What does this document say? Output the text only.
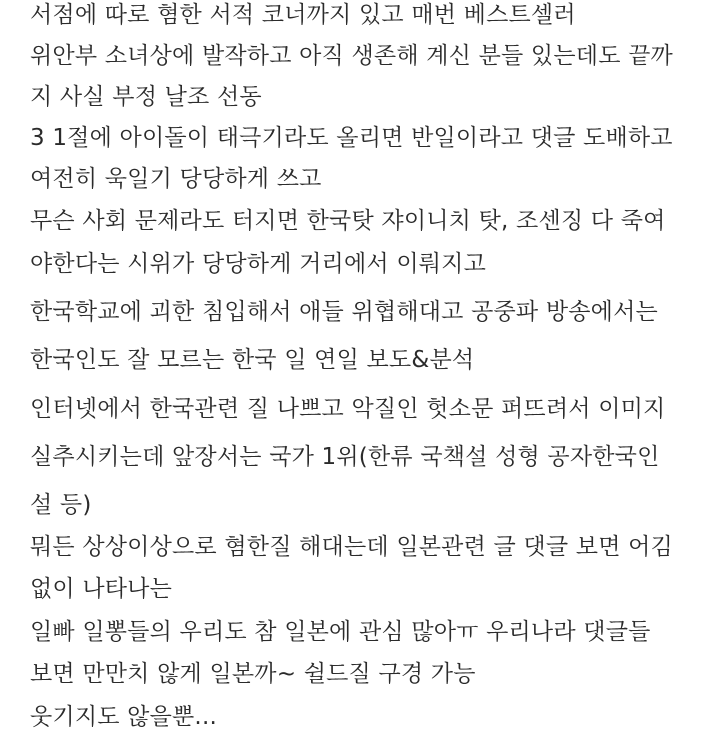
서점에 따로 혐한 서적 코너까지 있고 매번 베스트셀러

위안부 소녀상에 발작하고 아직 생존해 계신 분들 있는데도 끝까

지 사실 부정 날조 선동

3 1절에 아이돌이 태극기라도 올리면 반일이라고 댓글 도배하고

여전히 욱일기 당당하게 쓰고

무슨 사회 문제라도 터지면 한국탓 쟈이니치 탓, 조센징 다 죽여

야한다는 시위가 당당하게 거리에서 이뤄지고

한국학교에 괴한 침입해서 애들 위협해대고 공중파 방송에서는

한국인도 잘 모르는 한국 일 연일 보도&분석

인터넷에서 한국관련 질 나쁘고 악질인 헛소문 퍼뜨려서 이미지

실추시키는데 앞장서는 국가 1위(한류 국책설 성형 공자한국인

설 등)

뭐든 상상이상으로 혐한질 해대는데 일본관련 글 댓글 보면 어김

없이 나타나는

일빠 일뽕들의 우리도 참 일본에 관심 많아ㅠ 우리나라 댓글들

보면 만만치 않게 일본까~ 쉴드질 구경 가능

웃기지도 않을뿐...
